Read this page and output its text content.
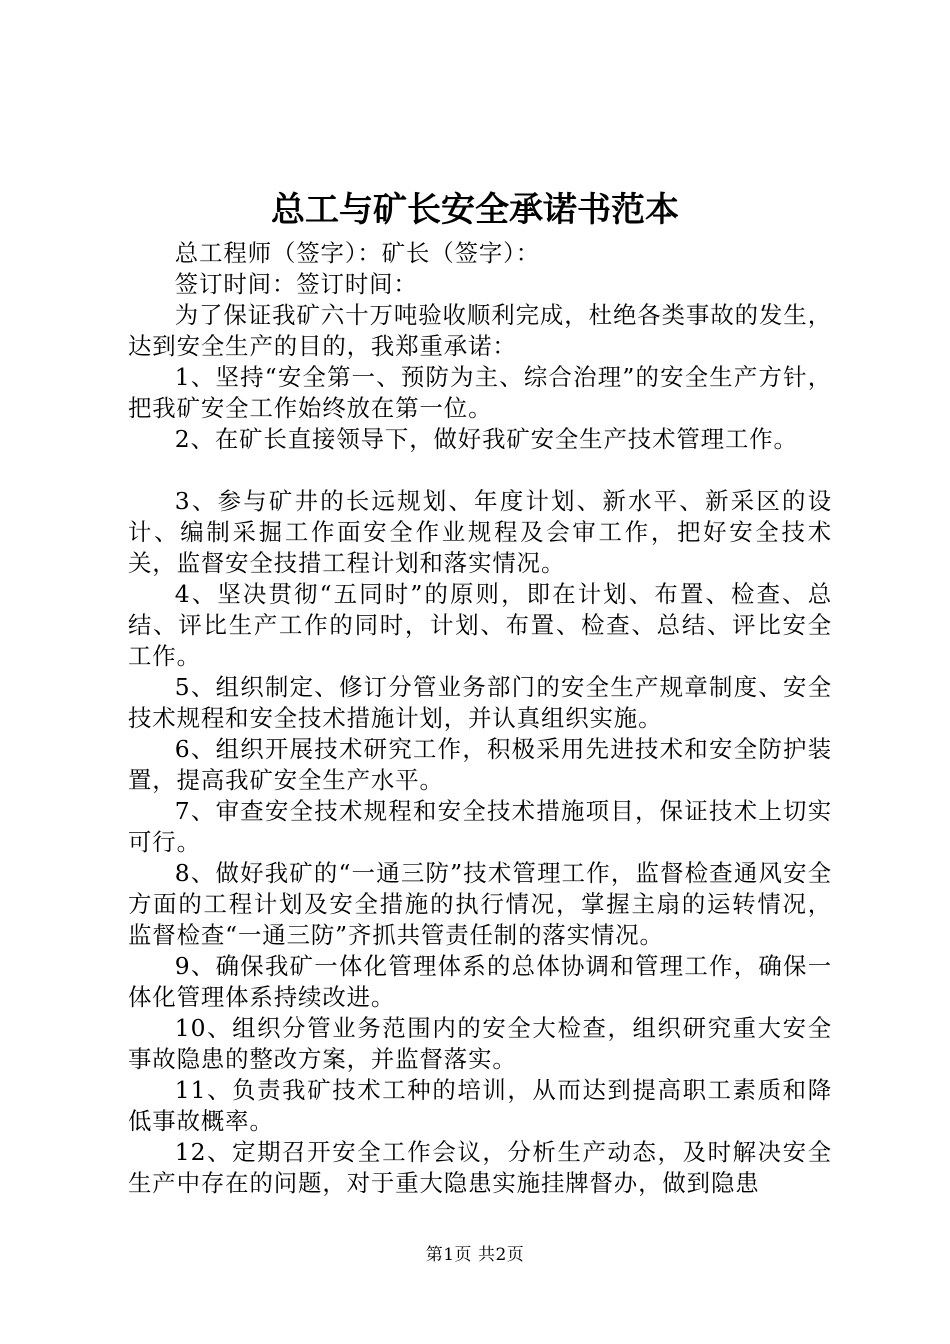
总工与矿长安全承诺书范本

总工程师（签字）：矿长（签字）：

签订时间：签订时间：

为了保证我矿六十万吨验收顺利完成，杜绝各类事故的发生，达到安全生产的目的，我郑重承诺：

1、坚持“安全第一、预防为主、综合治理”的安全生产方针，把我矿安全工作始终放在第一位。

2、在矿长直接领导下，做好我矿安全生产技术管理工作。

3、参与矿井的长远规划、年度计划、新水平、新采区的设计、编制采掘工作面安全作业规程及会审工作，把好安全技术关，监督安全技措工程计划和落实情况。

4、坚决贯彻“五同时”的原则，即在计划、布置、检查、总结、评比生产工作的同时，计划、布置、检查、总结、评比安全工作。

5、组织制定、修订分管业务部门的安全生产规章制度、安全技术规程和安全技术措施计划，并认真组织实施。

6、组织开展技术研究工作，积极采用先进技术和安全防护装置，提高我矿安全生产水平。

7、审查安全技术规程和安全技术措施项目，保证技术上切实可行。

8、做好我矿的“一通三防”技术管理工作，监督检查通风安全方面的工程计划及安全措施的执行情况，掌握主扇的运转情况，监督检查“一通三防”齐抓共管责任制的落实情况。

9、确保我矿一体化管理体系的总体协调和管理工作，确保一体化管理体系持续改进。

10、组织分管业务范围内的安全大检查，组织研究重大安全事故隐患的整改方案，并监督落实。

11、负责我矿技术工种的培训，从而达到提高职工素质和降低事故概率。

12、定期召开安全工作会议，分析生产动态，及时解决安全生产中存在的问题，对于重大隐患实施挂牌督办，做到隐患

第1页 共2页
